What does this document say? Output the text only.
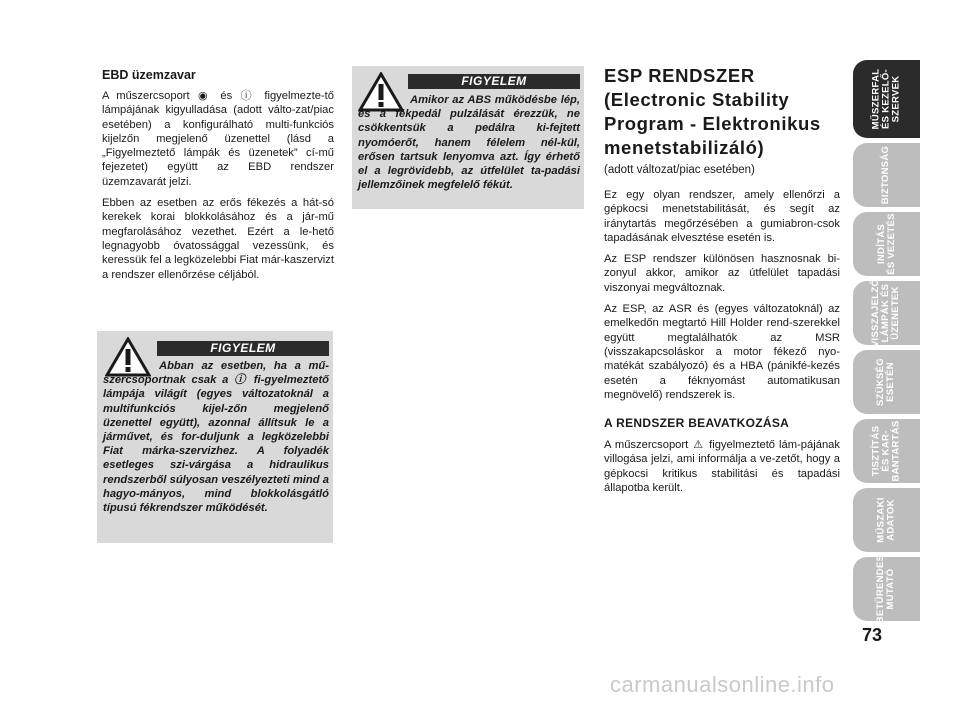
EBD üzemzavar

A műszercsoport ◉ és ⓘ figyelmezte-tő lámpájának kigyulladása (adott válto-zat/piac esetében) a konfigurálható multi-funkciós kijelzőn megjelenő üzenettel (lásd a „Figyelmeztető lámpák és üzenetek” cí-mű fejezetet) együtt az EBD rendszer üzemzavarát jelzi.

Ebben az esetben az erős fékezés a hát-só kerekek korai blokkolásához és a jár-mű megfarolásához vezethet. Ezért a le-hető legnagyobb óvatossággal vezessünk, és keressük fel a legközelebbi Fiat már-kaszervizt a rendszer ellenőrzése céljából.

FIGYELEM
Abban az esetben, ha a mű-szercsoportnak csak a ⓘ fi-gyelmeztető lámpája világít (egyes változatoknál a multifunkciós kijel-zőn megjelenő üzenettel együtt), azonnal állítsuk le a járművet, és for-duljunk a legközelebbi Fiat márka-szervizhez. A folyadék esetleges szi-várgása a hidraulikus rendszerből súlyosan veszélyezteti mind a hagyo-mányos, mind blokkolásgátló típusú fékrendszer működését.
FIGYELEM
Amikor az ABS működésbe lép, és a fékpedál pulzálását érezzük, ne csökkentsük a pedálra ki-fejtett nyomóerőt, hanem félelem nél-kül, erősen tartsuk lenyomva azt. Így érhető el a legrövidebb, az útfelület ta-padási jellemzőinek megfelelő fékút.
ESP RENDSZER
(Electronic Stability
Program - Elektronikus
menetstabilizáló)

(adott változat/piac esetében)

Ez egy olyan rendszer, amely ellenőrzi a gépkocsi menetstabilitását, és segít az iránytartás megőrzésében a gumiabron-csok tapadásának elvesztése esetén is.

Az ESP rendszer különösen hasznosnak bi-zonyul akkor, amikor az útfelület tapadási viszonyai megváltoznak.

Az ESP, az ASR és (egyes változatoknál) az emelkedőn megtartó Hill Holder rend-szerekkel együtt megtalálhatók az MSR (visszakapcsoláskor a motor fékező nyo-matékát szabályozó) és a HBA (pánikfé-kezés esetén a féknyomást automatikusan megnövelő) rendszerek is.

A RENDSZER BEAVATKOZÁSA

A műszercsoport ⚠ figyelmeztető lám-pájának villogása jelzi, ami informálja a ve-zetőt, hogy a gépkocsi kritikus stabilitási és tapadási állapotba került.

MŰSZERFAL
ÉS KEZELŐ-
SZERVEK
BIZTONSÁG
INDÍTÁS
ÉS VEZETÉS
VISSZAJELZŐ
LÁMPÁK ÉS
ÜZENETEK
SZÜKSÉG
ESETÉN
TISZTÍTÁS
ÉS KAR-
BANTARTÁS
MŰSZAKI
ADATOK
BETŰRENDES
MUTATÓ
73
carmanualsonline.info
